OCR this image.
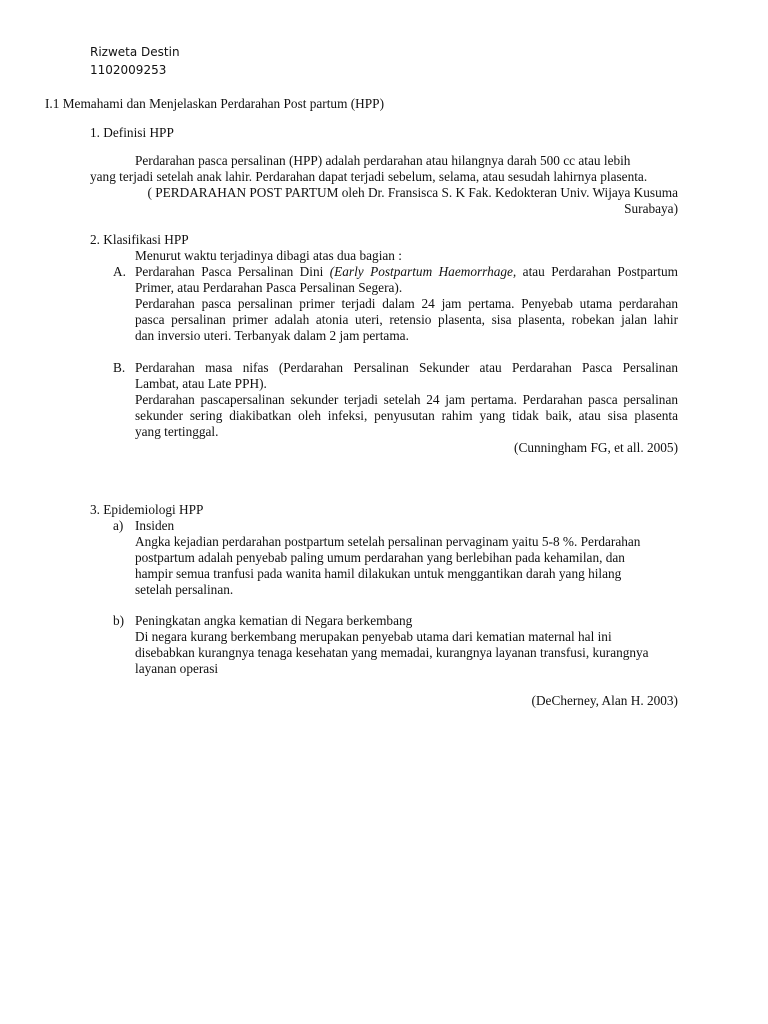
Rizweta Destin
1102009253
I.1 Memahami dan Menjelaskan Perdarahan Post partum (HPP)
1. Definisi HPP
Perdarahan pasca persalinan (HPP) adalah perdarahan atau hilangnya darah 500 cc atau lebih
yang terjadi setelah anak lahir. Perdarahan dapat terjadi sebelum, selama, atau sesudah lahirnya plasenta.
( PERDARAHAN POST PARTUM oleh Dr. Fransisca S. K Fak. Kedokteran Univ. Wijaya Kusuma
Surabaya)
2. Klasifikasi HPP
Menurut waktu terjadinya dibagi atas dua bagian :
A. Perdarahan Pasca Persalinan Dini (Early Postpartum Haemorrhage, atau Perdarahan Postpartum
Primer, atau Perdarahan Pasca Persalinan Segera).
Perdarahan pasca persalinan primer terjadi dalam 24 jam pertama. Penyebab utama perdarahan
pasca persalinan primer adalah atonia uteri, retensio plasenta, sisa plasenta, robekan jalan lahir
dan inversio uteri. Terbanyak dalam 2 jam pertama.
B. Perdarahan masa nifas (Perdarahan Persalinan Sekunder atau Perdarahan Pasca Persalinan
Lambat, atau Late PPH).
Perdarahan pascapersalinan sekunder terjadi setelah 24 jam pertama. Perdarahan pasca persalinan
sekunder sering diakibatkan oleh infeksi, penyusutan rahim yang tidak baik, atau sisa plasenta
yang tertinggal.
(Cunningham FG, et all. 2005)
3. Epidemiologi HPP
a) Insiden
Angka kejadian perdarahan postpartum setelah persalinan pervaginam yaitu 5-8 %. Perdarahan
postpartum adalah penyebab paling umum perdarahan yang berlebihan pada kehamilan, dan
hampir semua tranfusi pada wanita hamil dilakukan untuk menggantikan darah yang hilang
setelah persalinan.
b) Peningkatan angka kematian di Negara berkembang
Di negara kurang berkembang merupakan penyebab utama dari kematian maternal hal ini
disebabkan kurangnya tenaga kesehatan yang memadai, kurangnya layanan transfusi, kurangnya
layanan operasi
(DeCherney, Alan H. 2003)
